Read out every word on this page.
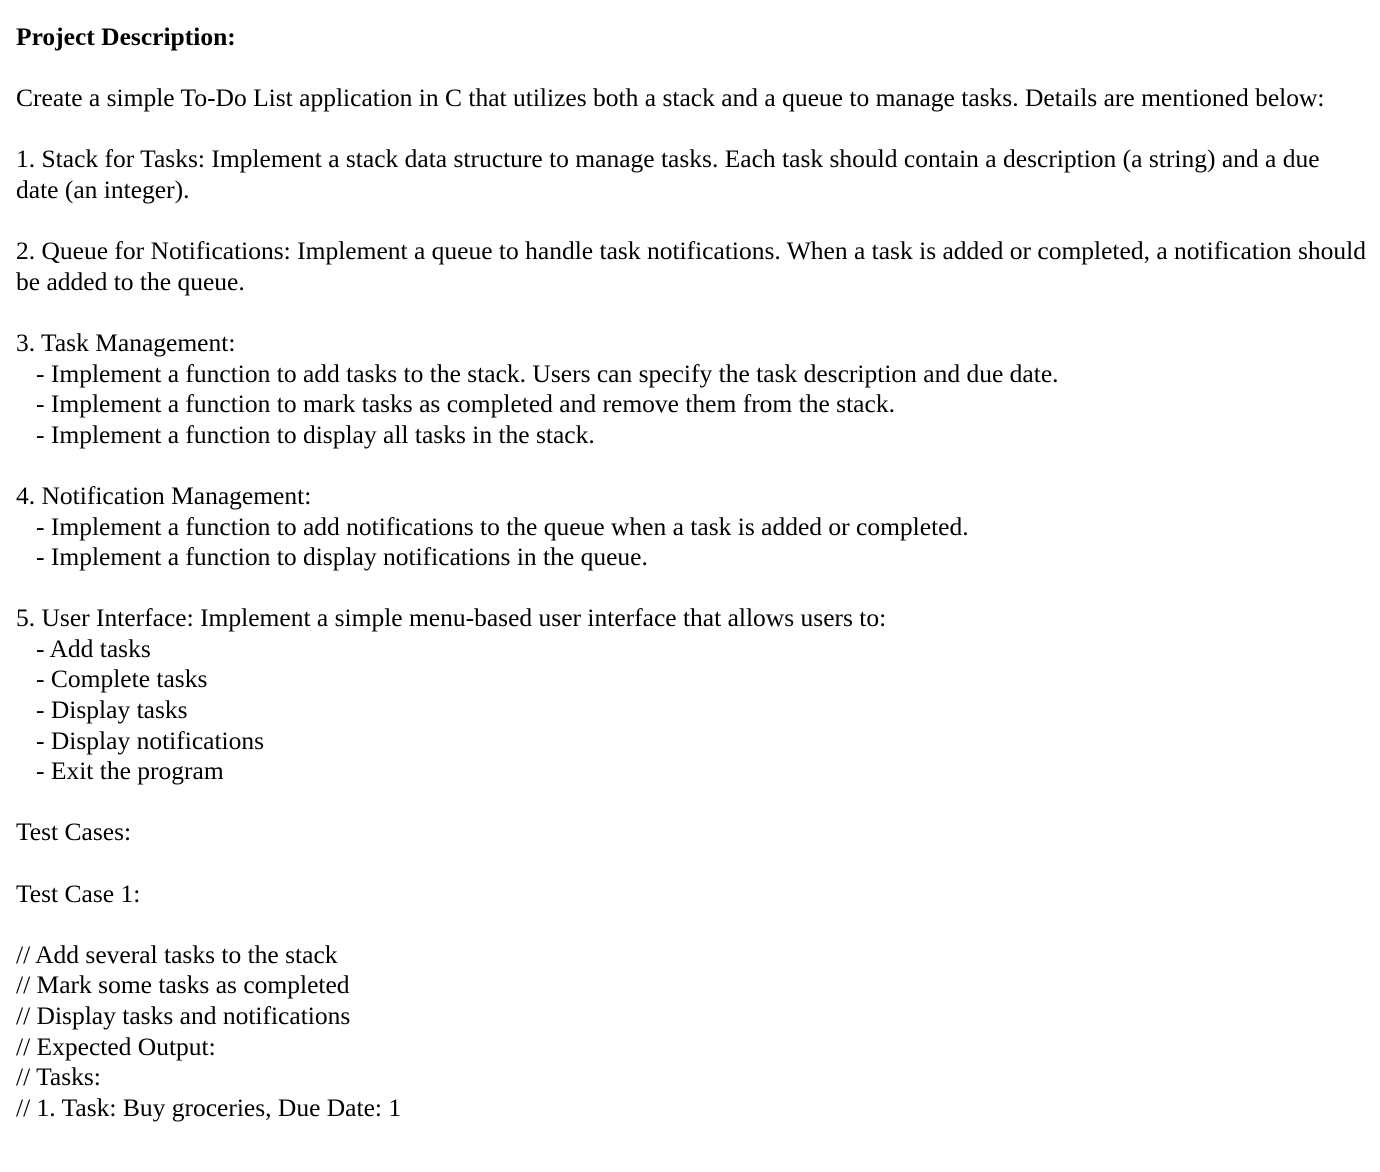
Project Description:

Create a simple To-Do List application in C that utilizes both a stack and a queue to manage tasks. Details are mentioned below:

1. Stack for Tasks: Implement a stack data structure to manage tasks. Each task should contain a description (a string) and a due date (an integer).

2. Queue for Notifications: Implement a queue to handle task notifications. When a task is added or completed, a notification should be added to the queue.

3. Task Management:

- Implement a function to add tasks to the stack. Users can specify the task description and due date.

- Implement a function to mark tasks as completed and remove them from the stack.

- Implement a function to display all tasks in the stack.

4. Notification Management:

- Implement a function to add notifications to the queue when a task is added or completed.

- Implement a function to display notifications in the queue.

5. User Interface: Implement a simple menu-based user interface that allows users to:

- Add tasks

- Complete tasks

- Display tasks

- Display notifications

- Exit the program

Test Cases:

Test Case 1:

// Add several tasks to the stack

// Mark some tasks as completed

// Display tasks and notifications

// Expected Output:

// Tasks:

// 1. Task: Buy groceries, Due Date: 1
